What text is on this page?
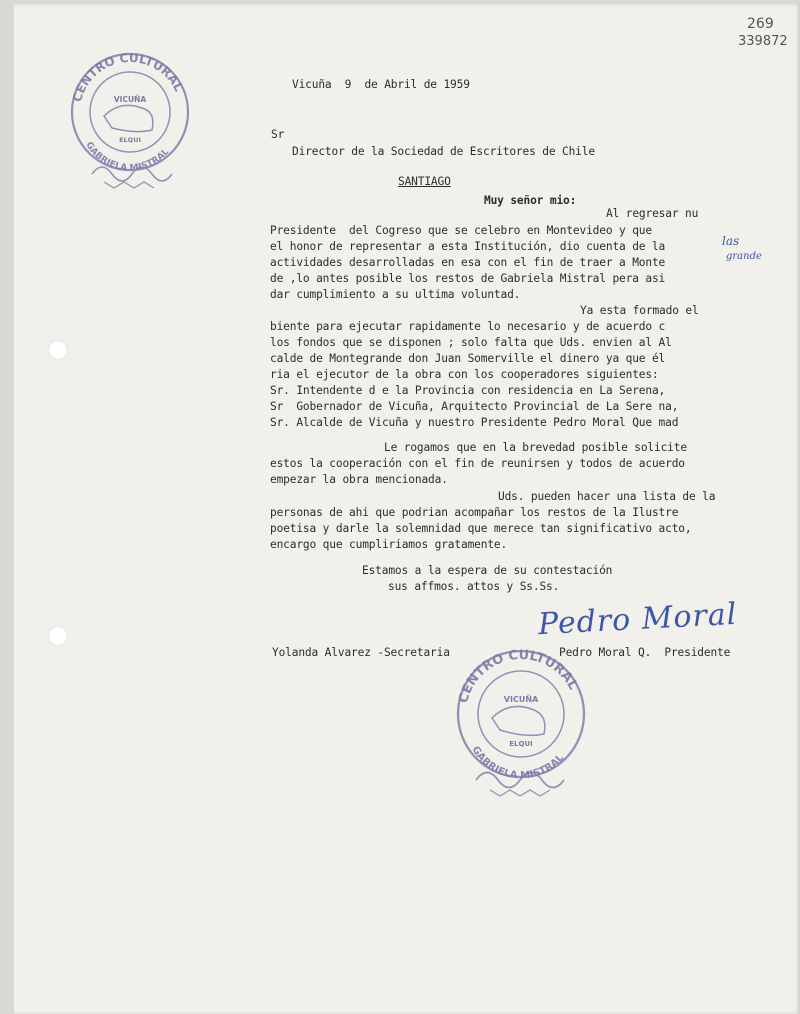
269
339872
CENTRO CULTURAL
GABRIELA MISTRAL
VICUÑA
ELQUI
Vicuña  9  de Abril de 1959
Sr
Director de la Sociedad de Escritores de Chile
SANTIAGO
Muy señor mio:
Al regresar nu
Presidente  del Cogreso que se celebro en Montevideo y que
el honor de representar a esta Institución, dio cuenta de la
actividades desarrolladas en esa con el fin de traer a Monte
de ,lo antes posible los restos de Gabriela Mistral pera asi
dar cumplimiento a su ultima voluntad.
las
grande
Ya esta formado el
biente para ejecutar rapidamente lo necesario y de acuerdo c
los fondos que se disponen ; solo falta que Uds. envien al Al
calde de Montegrande don Juan Somerville el dinero ya que él
ria el ejecutor de la obra con los cooperadores siguientes:
Sr. Intendente d e la Provincia con residencia en La Serena,
Sr  Gobernador de Vicuña, Arquitecto Provincial de La Sere na,
Sr. Alcalde de Vicuña y nuestro Presidente Pedro Moral Que mad
Le rogamos que en la brevedad posible solicite
estos la cooperación con el fin de reunirsen y todos de acuerdo
empezar la obra mencionada.
Uds. pueden hacer una lista de la
personas de ahi que podrian acompañar los restos de la Ilustre
poetisa y darle la solemnidad que merece tan significativo acto,
encargo que cumpliriamos gratamente.
Estamos a la espera de su contestación
sus affmos. attos y Ss.Ss.
Pedro Moral
Yolanda Alvarez -Secretaria	Pedro Moral Q.  Presidente
CENTRO CULTURAL
GABRIELA MISTRAL
VICUÑA
ELQUI
